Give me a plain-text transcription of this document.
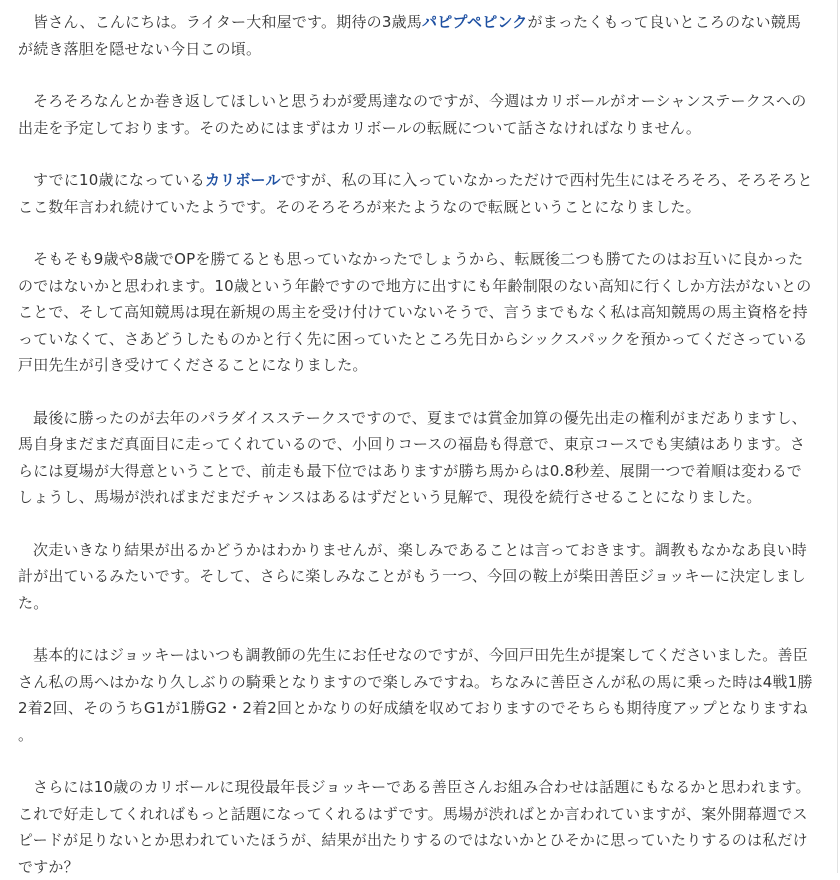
皆さん、こんにちは。ライター大和屋です。期待の3歳馬パピプペピンクがまったくもって良いところのない競馬が続き落胆を隠せない今日この頃。

そろそろなんとか巻き返してほしいと思うわが愛馬達なのですが、今週はカリボールがオーシャンステークスへの出走を予定しております。そのためにはまずはカリボールの転厩について話さなければなりません。

すでに10歳になっているカリボールですが、私の耳に入っていなかっただけで西村先生にはそろそろ、そろそろとここ数年言われ続けていたようです。そのそろそろが来たようなので転厩ということになりました。

そもそも9歳や8歳でOPを勝てるとも思っていなかったでしょうから、転厩後二つも勝てたのはお互いに良かったのではないかと思われます。10歳という年齢ですので地方に出すにも年齢制限のない高知に行くしか方法がないとのことで、そして高知競馬は現在新規の馬主を受け付けていないそうで、言うまでもなく私は高知競馬の馬主資格を持っていなくて、さあどうしたものかと行く先に困っていたところ先日からシックスパックを預かってくださっている戸田先生が引き受けてくださることになりました。

最後に勝ったのが去年のパラダイスステークスですので、夏までは賞金加算の優先出走の権利がまだありますし、馬自身まだまだ真面目に走ってくれているので、小回りコースの福島も得意で、東京コースでも実績はあります。さらには夏場が大得意ということで、前走も最下位ではありますが勝ち馬からは0.8秒差、展開一つで着順は変わるでしょうし、馬場が渋ればまだまだチャンスはあるはずだという見解で、現役を続行させることになりました。

次走いきなり結果が出るかどうかはわかりませんが、楽しみであることは言っておきます。調教もなかなあ良い時計が出ているみたいです。そして、さらに楽しみなことがもう一つ、今回の鞍上が柴田善臣ジョッキーに決定しました。

基本的にはジョッキーはいつも調教師の先生にお任せなのですが、今回戸田先生が提案してくださいました。善臣さん私の馬へはかなり久しぶりの騎乗となりますので楽しみですね。ちなみに善臣さんが私の馬に乗った時は4戦1勝2着2回、そのうちG1が1勝G2・2着2回とかなりの好成績を収めておりますのでそちらも期待度アップとなりますね。

さらには10歳のカリボールに現役最年長ジョッキーである善臣さんお組み合わせは話題にもなるかと思われます。これで好走してくれればもっと話題になってくれるはずです。馬場が渋ればとか言われていますが、案外開幕週でスピードが足りないとか思われていたほうが、結果が出たりするのではないかとひそかに思っていたりするのは私だけですか？
